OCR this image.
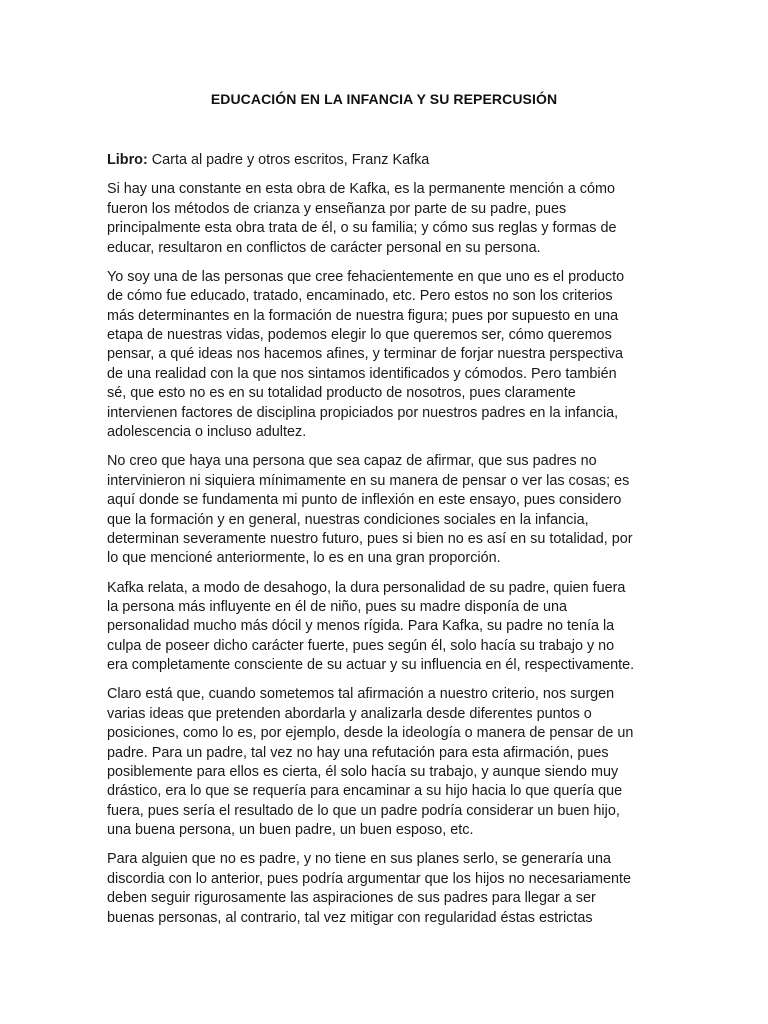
EDUCACIÓN EN LA INFANCIA Y SU REPERCUSIÓN
Libro: Carta al padre y otros escritos, Franz Kafka
Si hay una constante en esta obra de Kafka, es la permanente mención a cómo
fueron los métodos de crianza y enseñanza por parte de su padre, pues
principalmente esta obra trata de él, o su familia; y cómo sus reglas y formas de
educar, resultaron en conflictos de carácter personal en su persona.
Yo soy una de las personas que cree fehacientemente en que uno es el producto
de cómo fue educado, tratado, encaminado, etc. Pero estos no son los criterios
más determinantes en la formación de nuestra figura; pues por supuesto en una
etapa de nuestras vidas, podemos elegir lo que queremos ser, cómo queremos
pensar, a qué ideas nos hacemos afines, y terminar de forjar nuestra perspectiva
de una realidad con la que nos sintamos identificados y cómodos. Pero también
sé, que esto no es en su totalidad producto de nosotros, pues claramente
intervienen factores de disciplina propiciados por nuestros padres en la infancia,
adolescencia o incluso adultez.
No creo que haya una persona que sea capaz de afirmar, que sus padres no
intervinieron ni siquiera mínimamente en su manera de pensar o ver las cosas; es
aquí donde se fundamenta mi punto de inflexión en este ensayo, pues considero
que la formación y en general, nuestras condiciones sociales en la infancia,
determinan severamente nuestro futuro, pues si bien no es así en su totalidad, por
lo que mencioné anteriormente, lo es en una gran proporción.
Kafka relata, a modo de desahogo, la dura personalidad de su padre, quien fuera
la persona más influyente en él de niño, pues su madre disponía de una
personalidad mucho más dócil y menos rígida. Para Kafka, su padre no tenía la
culpa de poseer dicho carácter fuerte, pues según él, solo hacía su trabajo y no
era completamente consciente de su actuar y su influencia en él, respectivamente.
Claro está que, cuando sometemos tal afirmación a nuestro criterio, nos surgen
varias ideas que pretenden abordarla y analizarla desde diferentes puntos o
posiciones, como lo es, por ejemplo, desde la ideología o manera de pensar de un
padre. Para un padre, tal vez no hay una refutación para esta afirmación, pues
posiblemente para ellos es cierta, él solo hacía su trabajo, y aunque siendo muy
drástico, era lo que se requería para encaminar a su hijo hacia lo que quería que
fuera, pues sería el resultado de lo que un padre podría considerar un buen hijo,
una buena persona, un buen padre, un buen esposo, etc.
Para alguien que no es padre, y no tiene en sus planes serlo, se generaría una
discordia con lo anterior, pues podría argumentar que los hijos no necesariamente
deben seguir rigurosamente las aspiraciones de sus padres para llegar a ser
buenas personas, al contrario, tal vez mitigar con regularidad éstas estrictas
